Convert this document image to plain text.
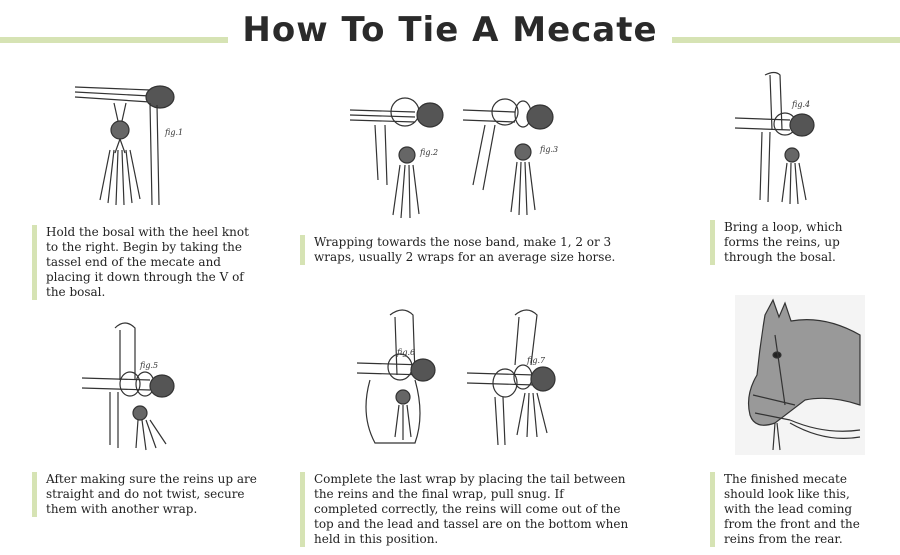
How To Tie A Mecate
fig.1
Hold the bosal with the heel knot to the right. Begin by taking the tassel end of the mecate and placing it down through the V of the bosal.
fig.2	fig.3
Wrapping towards the nose band, make 1, 2 or 3 wraps, usually 2 wraps for an average size horse.
fig.4
Bring a loop, which forms the reins, up through the bosal.
fig.5
After making sure the reins up are straight and do not twist, secure them with another wrap.
fig.6
fig.7
Complete the last wrap by placing the tail between the reins and the final wrap, pull snug. If completed correctly, the reins will come out of the top and the lead and tassel are on the bottom when held in this position.
The finished mecate should look like this, with the lead coming from the front and the reins from the rear.
